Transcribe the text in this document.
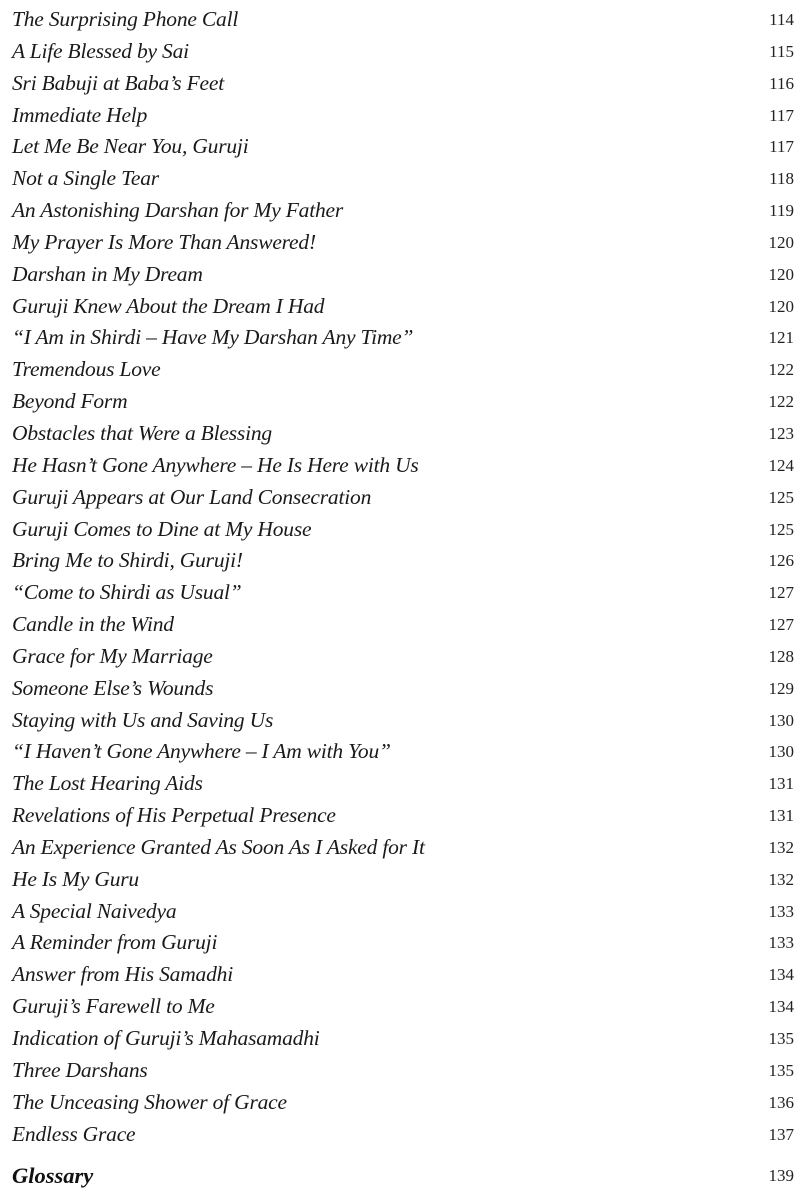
The Surprising Phone Call	114
A Life Blessed by Sai	115
Sri Babuji at Baba’s Feet	116
Immediate Help	117
Let Me Be Near You, Guruji	117
Not a Single Tear	118
An Astonishing Darshan for My Father	119
My Prayer Is More Than Answered!	120
Darshan in My Dream	120
Guruji Knew About the Dream I Had	120
“I Am in Shirdi – Have My Darshan Any Time”	121
Tremendous Love	122
Beyond Form	122
Obstacles that Were a Blessing	123
He Hasn’t Gone Anywhere – He Is Here with Us	124
Guruji Appears at Our Land Consecration	125
Guruji Comes to Dine at My House	125
Bring Me to Shirdi, Guruji!	126
“Come to Shirdi as Usual”	127
Candle in the Wind	127
Grace for My Marriage	128
Someone Else’s Wounds	129
Staying with Us and Saving Us	130
“I Haven’t Gone Anywhere – I Am with You”	130
The Lost Hearing Aids	131
Revelations of His Perpetual Presence	131
An Experience Granted As Soon As I Asked for It	132
He Is My Guru	132
A Special Naivedya	133
A Reminder from Guruji	133
Answer from His Samadhi	134
Guruji’s Farewell to Me	134
Indication of Guruji’s Mahasamadhi	135
Three Darshans	135
The Unceasing Shower of Grace	136
Endless Grace	137
Glossary	139
